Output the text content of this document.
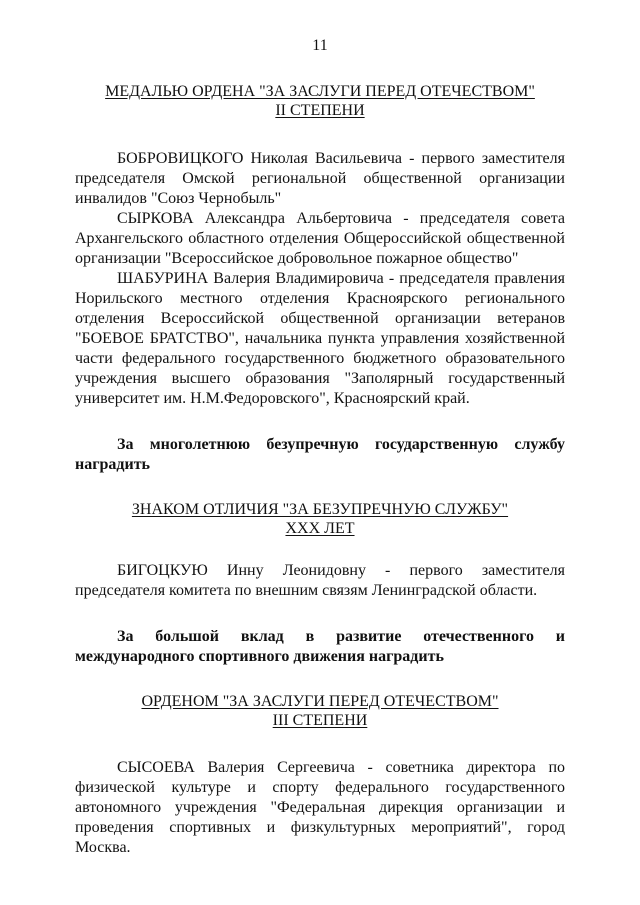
11
МЕДАЛЬЮ ОРДЕНА "ЗА ЗАСЛУГИ ПЕРЕД ОТЕЧЕСТВОМ"
II СТЕПЕНИ

БОБРОВИЦКОГО Николая Васильевича - первого заместителя председателя Омской региональной общественной организации инвалидов "Союз Чернобыль"

СЫРКОВА Александра Альбертовича - председателя совета Архангельского областного отделения Общероссийской общественной организации "Всероссийское добровольное пожарное общество"

ШАБУРИНА Валерия Владимировича - председателя правления Норильского местного отделения Красноярского регионального отделения Всероссийской общественной организации ветеранов "БОЕВОЕ БРАТСТВО", начальника пункта управления хозяйственной части федерального государственного бюджетного образовательного учреждения высшего образования "Заполярный государственный университет им. Н.М.Федоровского", Красноярский край.

За многолетнюю безупречную государственную службу наградить

ЗНАКОМ ОТЛИЧИЯ "ЗА БЕЗУПРЕЧНУЮ СЛУЖБУ"
XXX ЛЕТ

БИГОЦКУЮ Инну Леонидовну - первого заместителя председателя комитета по внешним связям Ленинградской области.

За большой вклад в развитие отечественного и международного спортивного движения наградить

ОРДЕНОМ "ЗА ЗАСЛУГИ ПЕРЕД ОТЕЧЕСТВОМ"
III СТЕПЕНИ

СЫСОЕВА Валерия Сергеевича - советника директора по физической культуре и спорту федерального государственного автономного учреждения "Федеральная дирекция организации и проведения спортивных и физкультурных мероприятий", город Москва.
